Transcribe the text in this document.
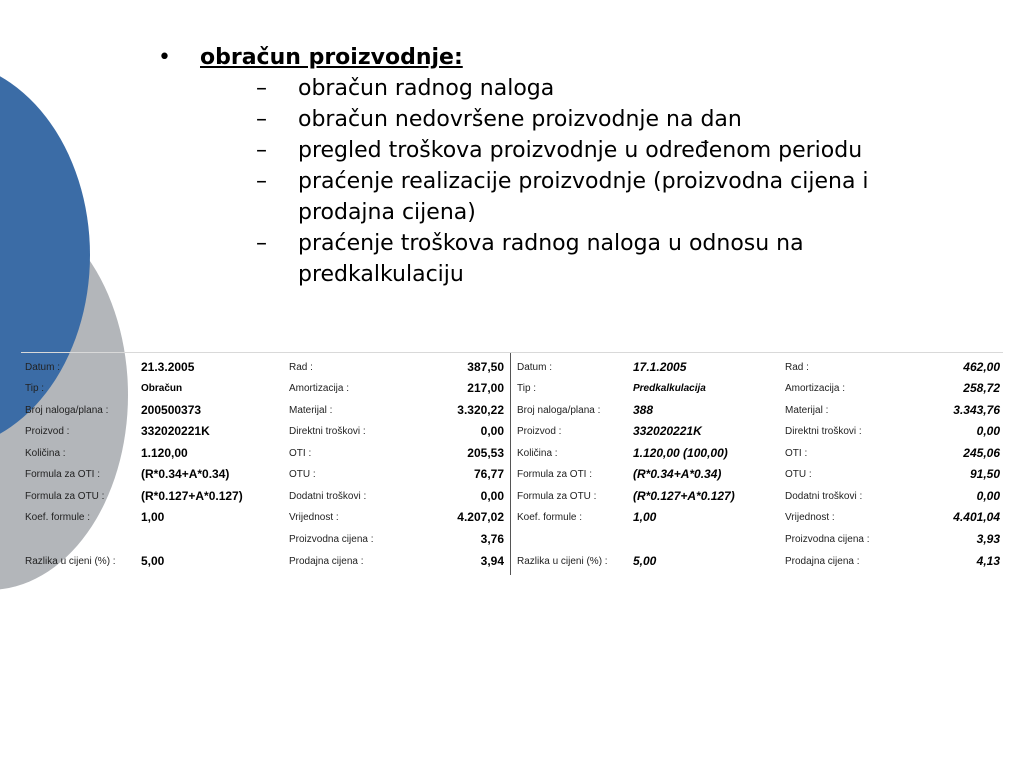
• obračun proizvodnje:
– obračun radnog naloga
– obračun nedovršene proizvodnje na dan
– pregled troškova proizvodnje u određenom periodu
– praćenje realizacije proizvodnje (proizvodna cijena i prodajna cijena)
– praćenje troškova radnog naloga u odnosu na predkalkulaciju
Datum :	21.3.2005	Rad :	387,50
Tip :	Obračun	Amortizacija :	217,00
Broj naloga/plana :	200500373	Materijal :	3.320,22
Proizvod :	332020221K	Direktni troškovi :	0,00
Količina :	1.120,00	OTI :	205,53
Formula za OTI :	(R*0.34+A*0.34)	OTU :	76,77
Formula za OTU :	(R*0.127+A*0.127)	Dodatni troškovi :	0,00
Koef. formule :	1,00	Vrijednost :	4.207,02
Proizvodna cijena :	3,76
Razlika u cijeni (%) : 5,00	Prodajna cijena :	3,94
Datum :	17.1.2005	Rad :	462,00
Tip :	Predkalkulacija	Amortizacija :	258,72
Broj naloga/plana :	388	Materijal :	3.343,76
Proizvod :	332020221K	Direktni troškovi :	0,00
Količina :	1.120,00 (100,00)	OTI :	245,06
Formula za OTI :	(R*0.34+A*0.34)	OTU :	91,50
Formula za OTU :	(R*0.127+A*0.127)	Dodatni troškovi :	0,00
Koef. formule :	1,00	Vrijednost :	4.401,04
Proizvodna cijena :	3,93
Razlika u cijeni (%) : 5,00	Prodajna cijena :	4,13
